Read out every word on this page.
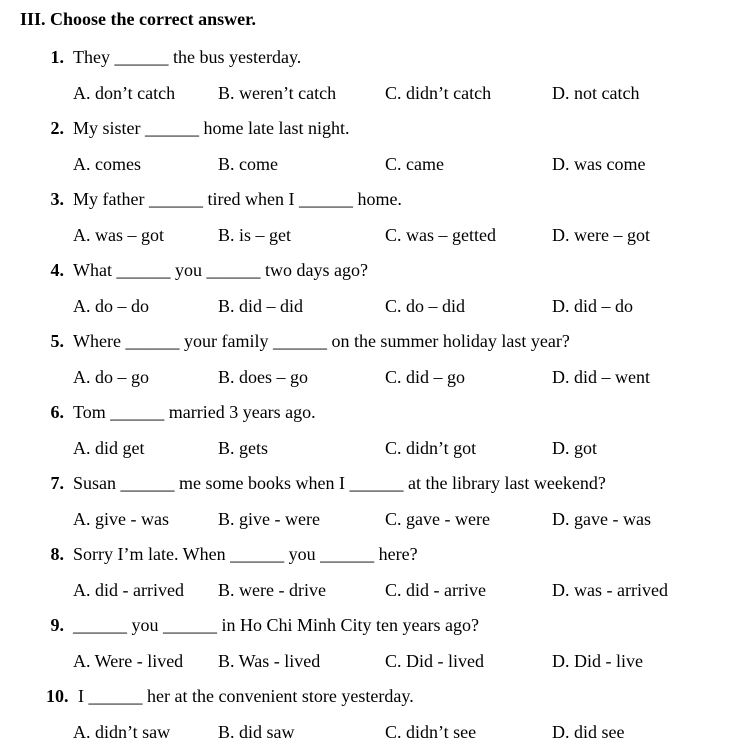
III. Choose the correct answer.
1. They ______ the bus yesterday.
A. don’t catch B. weren’t catch	C. didn’t catch	D. not catch
2. My sister ______ home late last night.
A. comes	B. come	C. came	D. was come
3. My father ______ tired when I ______ home.
A. was – got	B. is – get	C. was – getted	D. were – got
4. What ______ you ______ two days ago?
A. do – do	B. did – did	C. do – did	D. did – do
5. Where ______ your family ______ on the summer holiday last year?
A. do – go	B. does – go	C. did – go	D. did – went
6. Tom ______ married 3 years ago.
A. did get	B. gets	C. didn’t got	D. got
7. Susan ______ me some books when I ______ at the library last weekend?
A. give - was	B. give - were	C. gave - were	D. gave - was
8. Sorry I’m late. When ______ you ______ here?
A. did - arrived B. were - drive	C. did - arrive	D. was - arrived
9. ______ you ______ in Ho Chi Minh City ten years ago?
A. Were - lived B. Was - lived	C. Did - lived	D. Did - live
10. I ______ her at the convenient store yesterday.
A. didn’t saw	B. did saw	C. didn’t see	D. did see
